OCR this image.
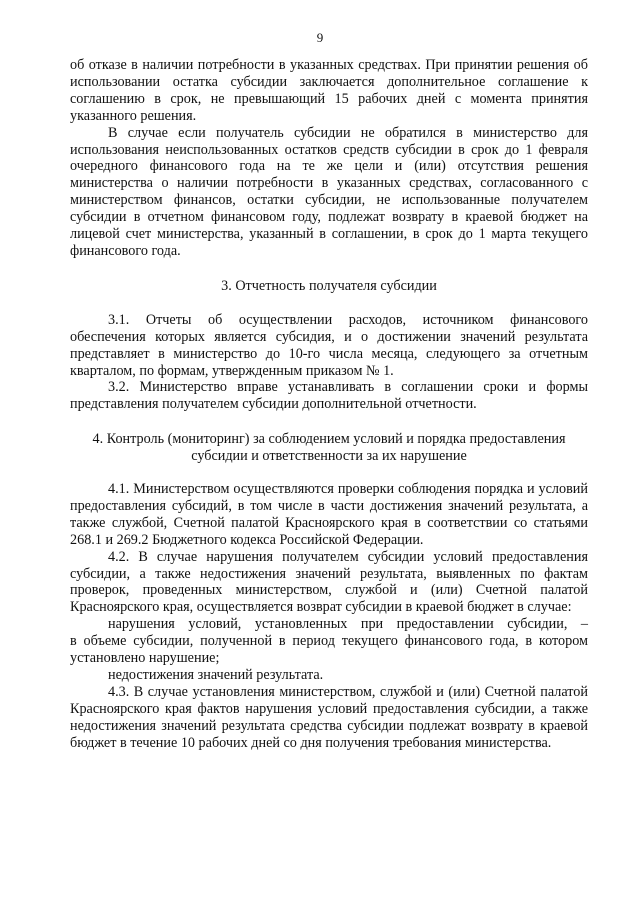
9

об отказе в наличии потребности в указанных средствах. При принятии решения об использовании остатка субсидии заключается дополнительное соглашение к соглашению в срок, не превышающий 15 рабочих дней с момента принятия указанного решения.

В случае если получатель субсидии не обратился в министерство для использования неиспользованных остатков средств субсидии в срок до 1 февраля очередного финансового года на те же цели и (или) отсутствия решения министерства о наличии потребности в указанных средствах, согласованного с министерством финансов, остатки субсидии, не использованные получателем субсидии в отчетном финансовом году, подлежат возврату в краевой бюджет на лицевой счет министерства, указанный в соглашении, в срок до 1 марта текущего финансового года.

3. Отчетность получателя субсидии

3.1. Отчеты об осуществлении расходов, источником финансового обеспечения которых является субсидия, и о достижении значений результата представляет в министерство до 10-го числа месяца, следующего за отчетным кварталом, по формам, утвержденным приказом № 1.

3.2. Министерство вправе устанавливать в соглашении сроки и формы представления получателем субсидии дополнительной отчетности.

4. Контроль (мониторинг) за соблюдением условий и порядка предоставления

субсидии и ответственности за их нарушение

4.1. Министерством осуществляются проверки соблюдения порядка и условий предоставления субсидий, в том числе в части достижения значений результата, а также службой, Счетной палатой Красноярского края в соответствии со статьями 268.1 и 269.2 Бюджетного кодекса Российской Федерации.

4.2. В случае нарушения получателем субсидии условий предоставления субсидии, а также недостижения значений результата, выявленных по фактам проверок, проведенных министерством, службой и (или) Счетной палатой Красноярского края, осуществляется возврат субсидии в краевой бюджет в случае:

нарушения условий, установленных при предоставлении субсидии, –

в объеме субсидии, полученной в период текущего финансового года, в котором установлено нарушение;

недостижения значений результата.

4.3. В случае установления министерством, службой и (или) Счетной палатой Красноярского края фактов нарушения условий предоставления субсидии, а также недостижения значений результата средства субсидии подлежат возврату в краевой бюджет в течение 10 рабочих дней со дня получения требования министерства.
